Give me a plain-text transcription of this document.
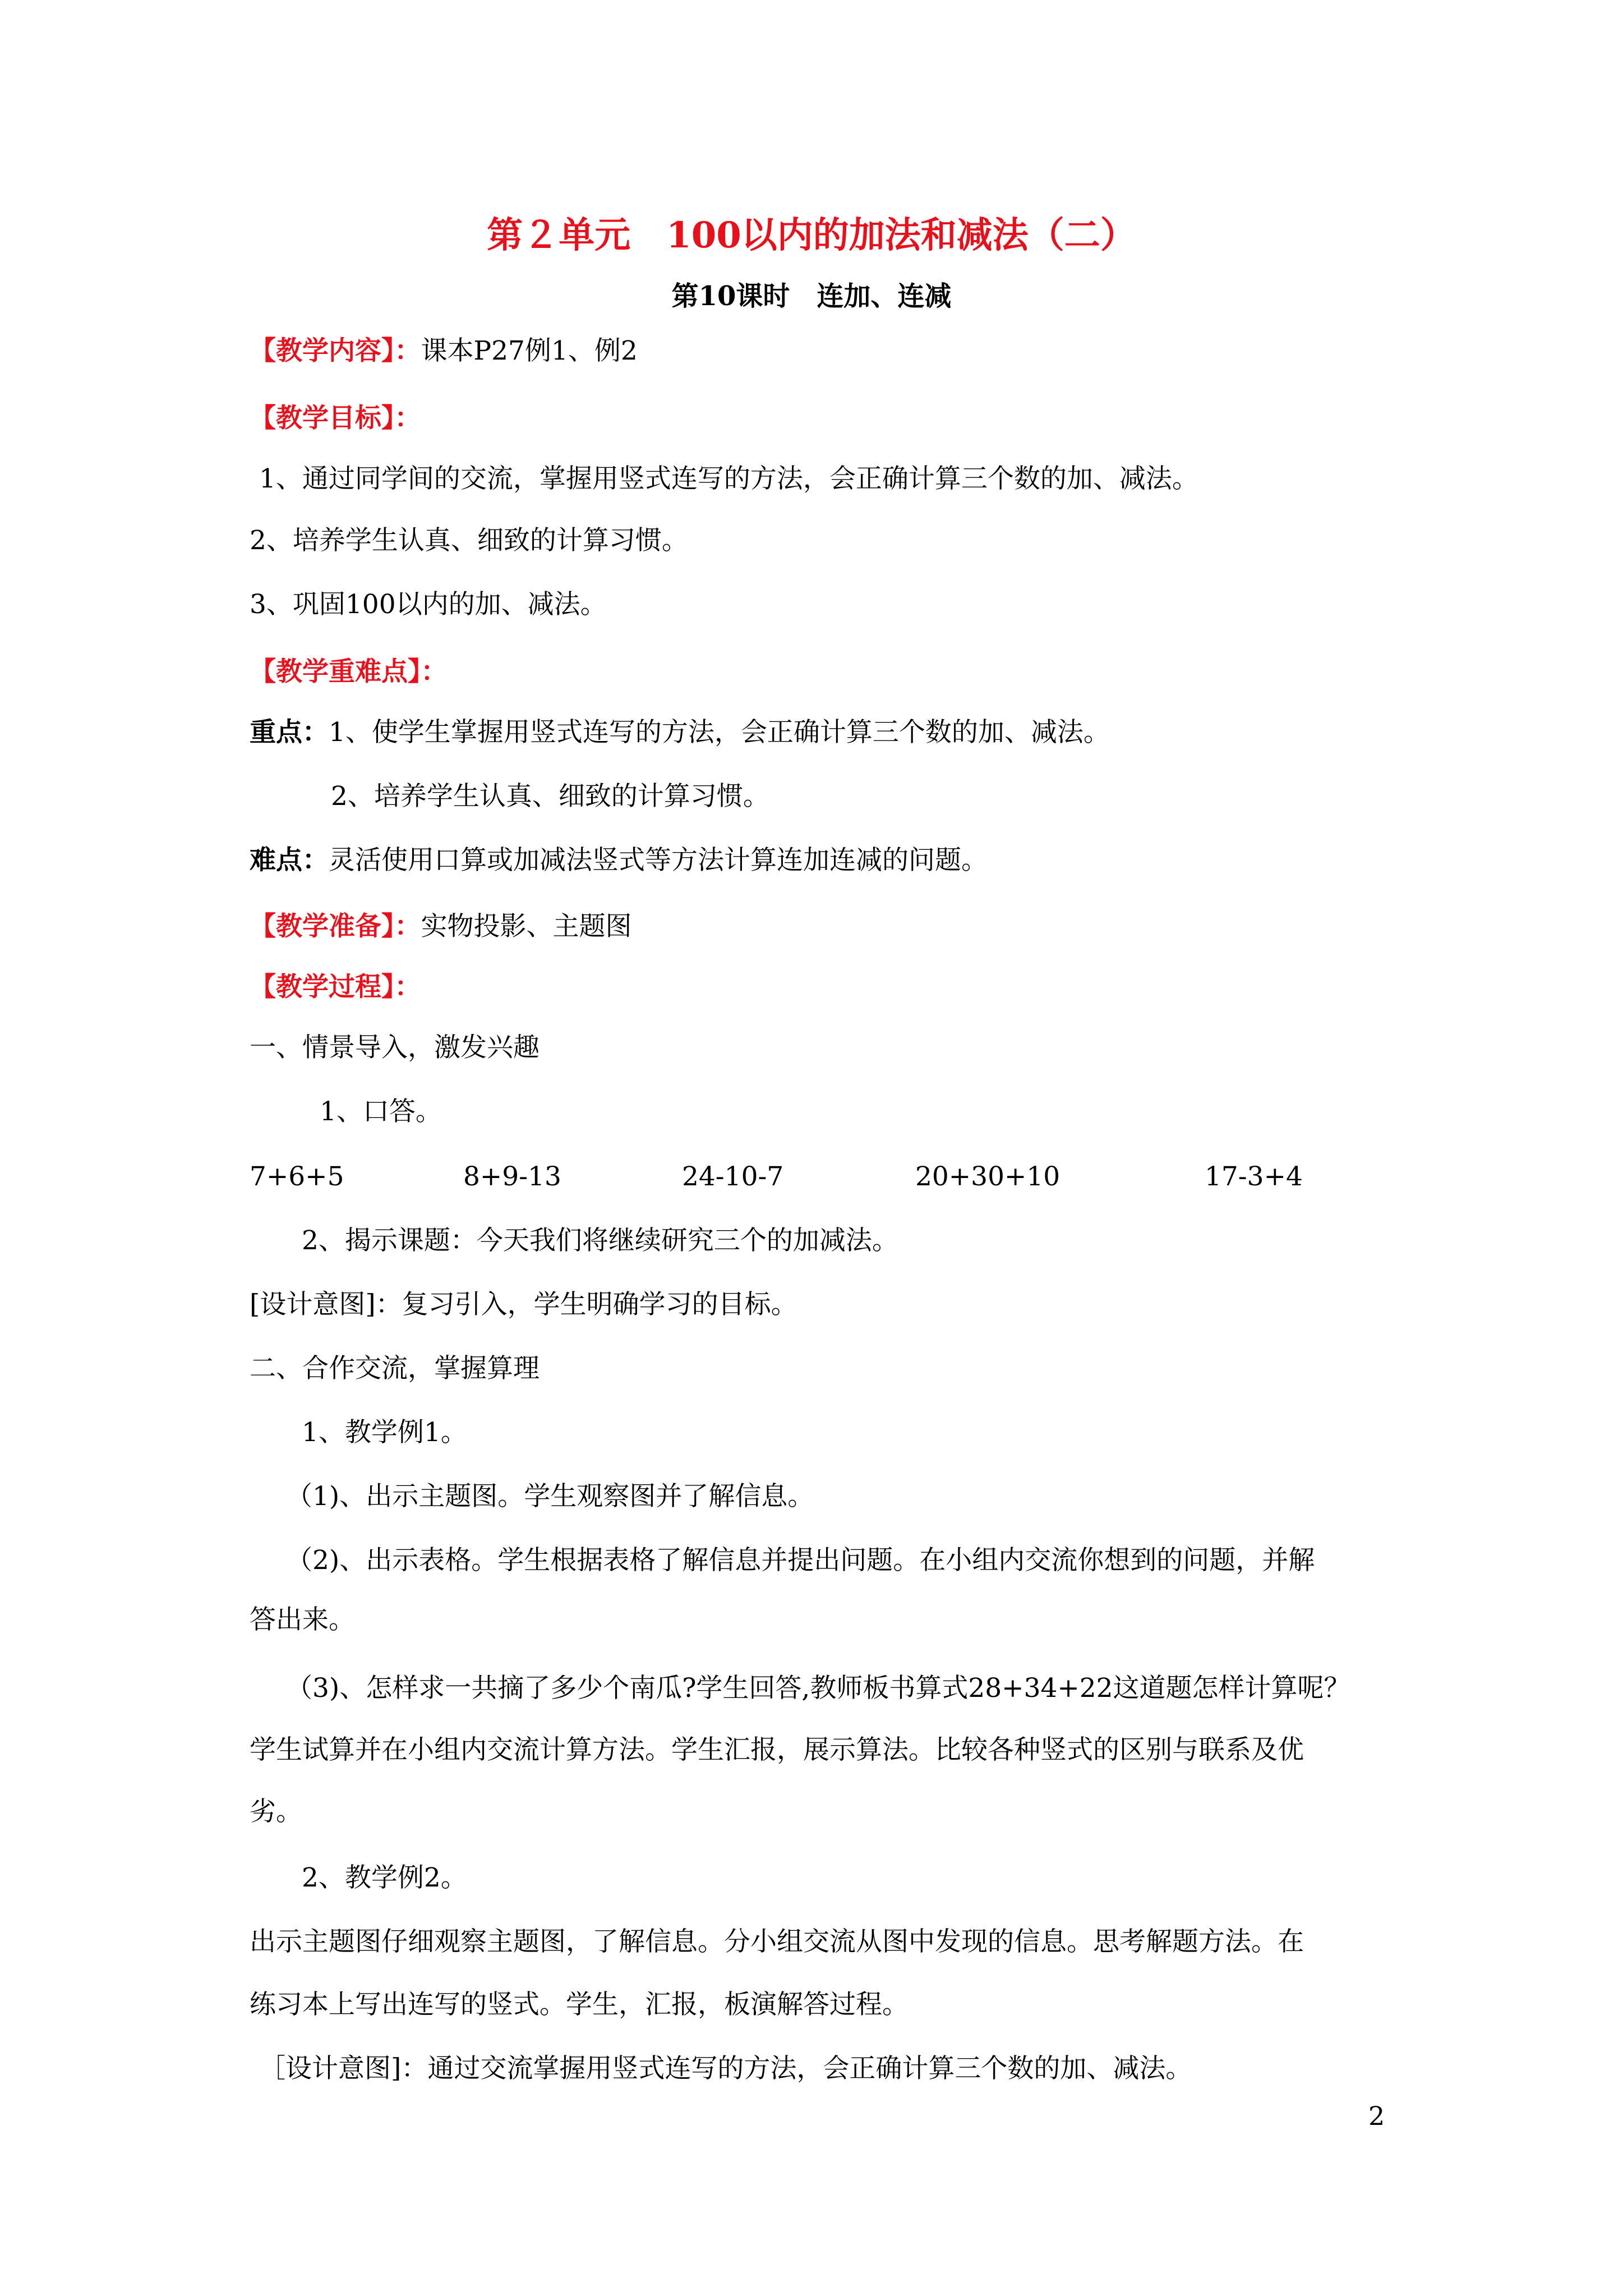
第２单元　100以内的加法和减法（二）
第10课时　连加、连减
【教学内容】：课本P27例1、例2
【教学目标】：
1、通过同学间的交流，掌握用竖式连写的方法，会正确计算三个数的加、减法。
2、培养学生认真、细致的计算习惯。
3、巩固100以内的加、减法。
【教学重难点】：
重点：1、使学生掌握用竖式连写的方法，会正确计算三个数的加、减法。
2、培养学生认真、细致的计算习惯。
难点：灵活使用口算或加减法竖式等方法计算连加连减的问题。
【教学准备】：实物投影、主题图
【教学过程】：
一、情景导入，激发兴趣
1、口答。
7+6+5	8+9-13	24-10-7	20+30+10	17-3+4
2、揭示课题：今天我们将继续研究三个的加减法。
[设计意图]：复习引入，学生明确学习的目标。
二、合作交流，掌握算理
1、教学例1。
（1)、出示主题图。学生观察图并了解信息。
（2)、出示表格。学生根据表格了解信息并提出问题。在小组内交流你想到的问题，并解
答出来。
（3)、怎样求一共摘了多少个南瓜?学生回答,教师板书算式28+34+22这道题怎样计算呢？
学生试算并在小组内交流计算方法。学生汇报，展示算法。比较各种竖式的区别与联系及优
劣。
2、教学例2。
出示主题图仔细观察主题图，了解信息。分小组交流从图中发现的信息。思考解题方法。在
练习本上写出连写的竖式。学生，汇报，板演解答过程。
［设计意图]：通过交流掌握用竖式连写的方法，会正确计算三个数的加、减法。
2
